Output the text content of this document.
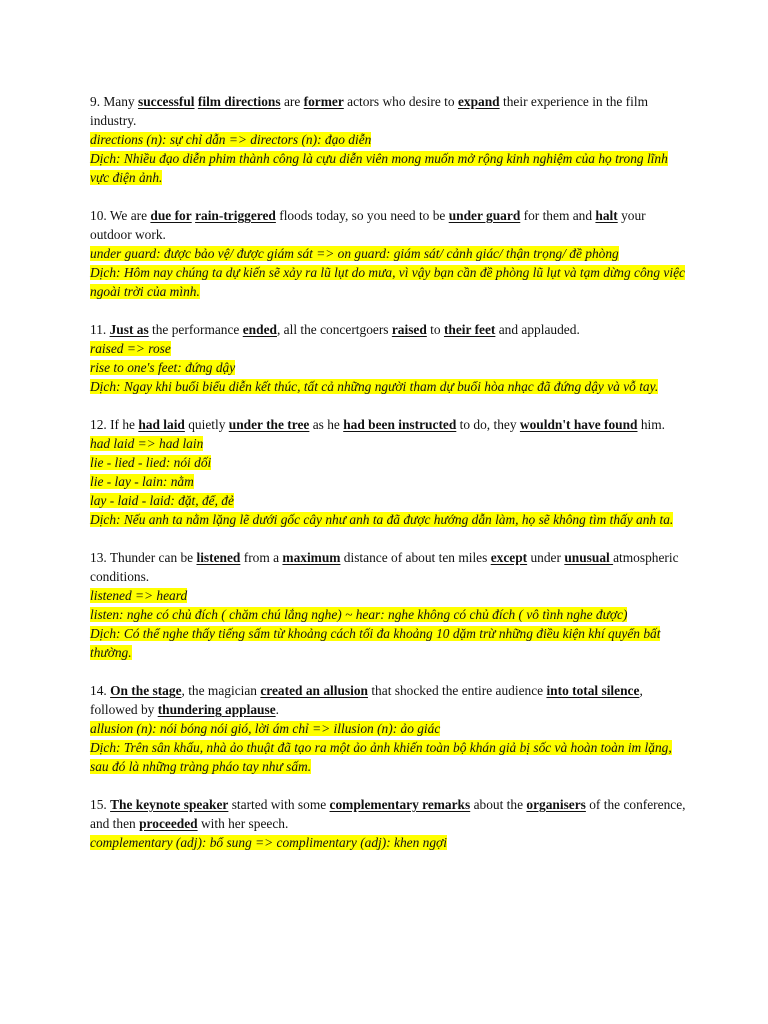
9. Many successful film directions are former actors who desire to expand their experience in the film industry.
directions (n): sự chỉ dẫn => directors (n): đạo diễn
Dịch: Nhiều đạo diễn phim thành công là cựu diễn viên mong muốn mở rộng kinh nghiệm của họ trong lĩnh vực điện ảnh.
10. We are due for rain-triggered floods today, so you need to be under guard for them and halt your outdoor work.
under guard: được bảo vệ/ được giám sát => on guard: giám sát/ cảnh giác/ thận trọng/ đề phòng
Dịch: Hôm nay chúng ta dự kiến sẽ xảy ra lũ lụt do mưa, vì vậy bạn cần đề phòng lũ lụt và tạm dừng công việc ngoài trời của mình.
11. Just as the performance ended, all the concertgoers raised to their feet and applauded.
raised => rose
rise to one's feet: đứng dậy
Dịch: Ngay khi buổi biểu diễn kết thúc, tất cả những người tham dự buổi hòa nhạc đã đứng dậy và vỗ tay.
12. If he had laid quietly under the tree as he had been instructed to do, they wouldn't have found him.
had laid => had lain
lie - lied - lied: nói dối
lie - lay - lain: nằm
lay - laid - laid: đặt, để, đẻ
Dịch: Nếu anh ta nằm lặng lẽ dưới gốc cây như anh ta đã được hướng dẫn làm, họ sẽ không tìm thấy anh ta.
13. Thunder can be listened from a maximum distance of about ten miles except under unusual atmospheric conditions.
listened => heard
listen: nghe có chủ đích ( chăm chú lắng nghe) ~ hear: nghe không có chủ đích ( vô tình nghe được)
Dịch: Có thể nghe thấy tiếng sấm từ khoảng cách tối đa khoảng 10 dặm trừ những điều kiện khí quyển bất thường.
14. On the stage, the magician created an allusion that shocked the entire audience into total silence, followed by thundering applause.
allusion (n): nói bóng nói gió, lời ám chỉ => illusion (n): ảo giác
Dịch: Trên sân khấu, nhà ảo thuật đã tạo ra một ảo ảnh khiến toàn bộ khán giả bị sốc và hoàn toàn im lặng, sau đó là những tràng pháo tay như sấm.
15. The keynote speaker started with some complementary remarks about the organisers of the conference, and then proceeded with her speech.
complementary (adj): bổ sung => complimentary (adj): khen ngợi
